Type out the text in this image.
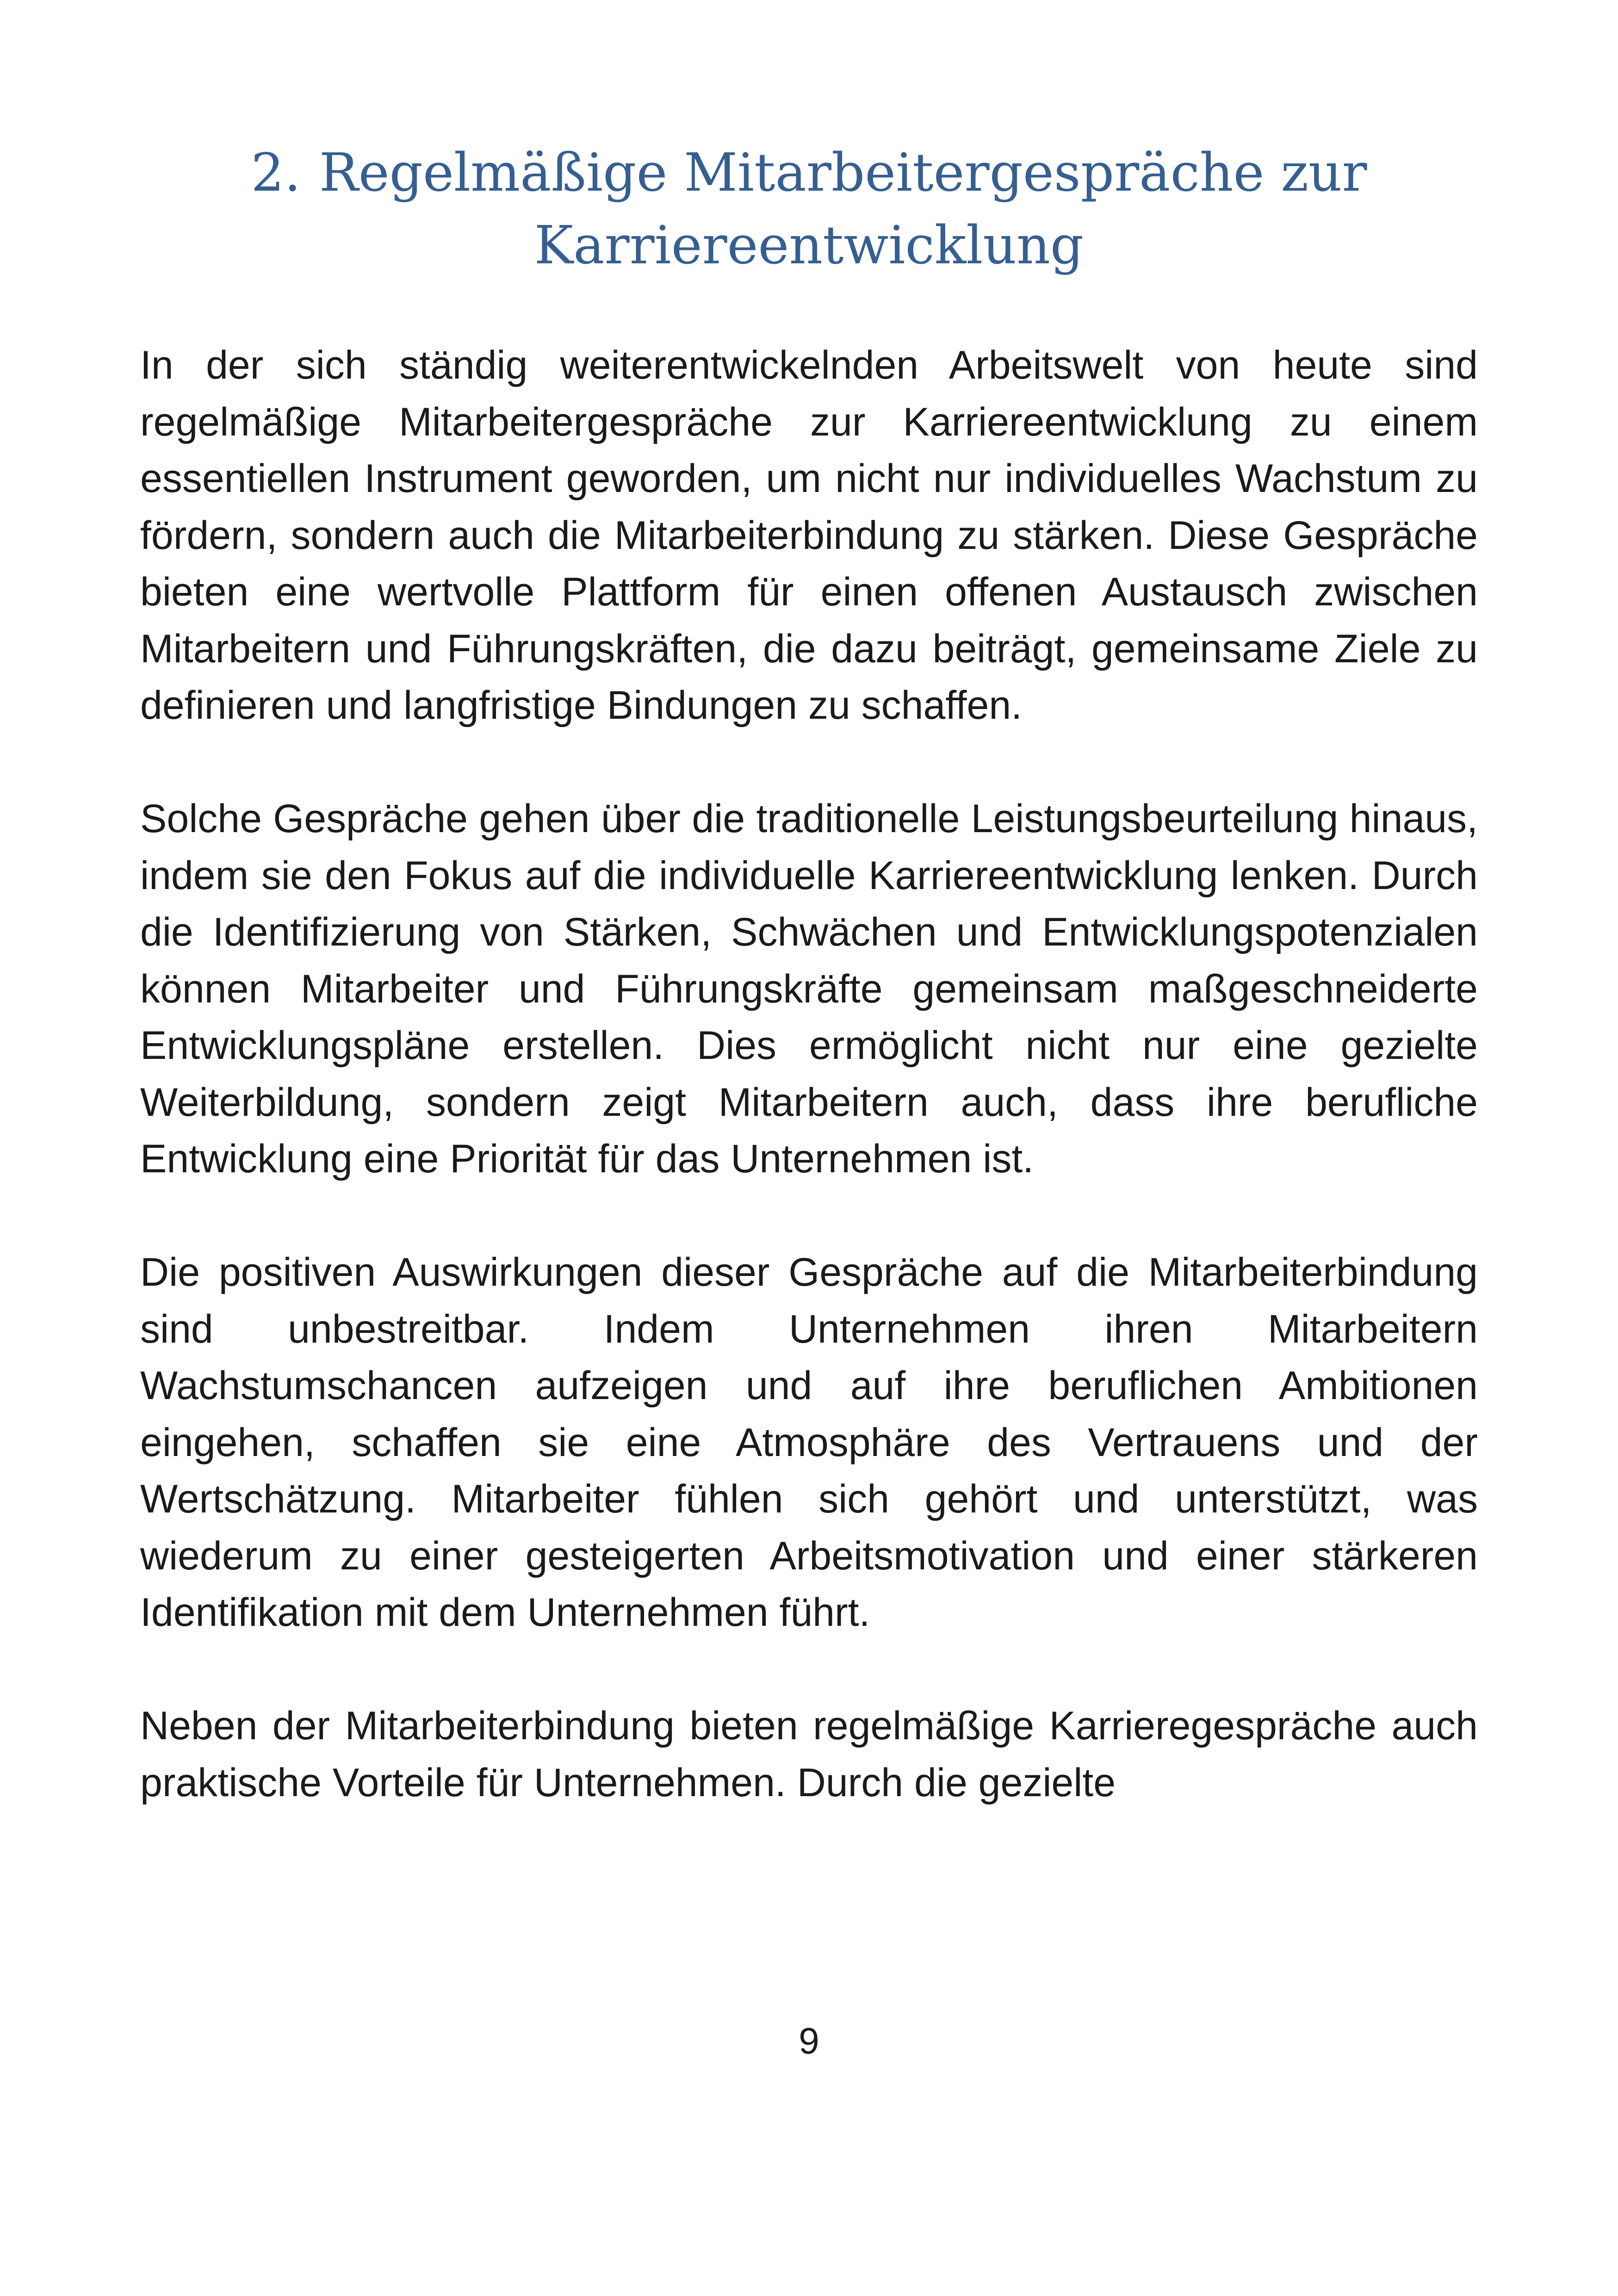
2. Regelmäßige Mitarbeitergespräche zur Karriereentwicklung

In der sich ständig weiterentwickelnden Arbeitswelt von heute sind regelmäßige Mitarbeitergespräche zur Karriereentwicklung zu einem essentiellen Instrument geworden, um nicht nur individuelles Wachstum zu fördern, sondern auch die Mitarbeiterbindung zu stärken. Diese Gespräche bieten eine wertvolle Plattform für einen offenen Austausch zwischen Mitarbeitern und Führungskräften, die dazu beiträgt, gemeinsame Ziele zu definieren und langfristige Bindungen zu schaffen.

Solche Gespräche gehen über die traditionelle Leistungsbeurteilung hinaus, indem sie den Fokus auf die individuelle Karriereentwicklung lenken. Durch die Identifizierung von Stärken, Schwächen und Entwicklungspotenzialen können Mitarbeiter und Führungskräfte gemeinsam maßgeschneiderte Entwicklungspläne erstellen. Dies ermöglicht nicht nur eine gezielte Weiterbildung, sondern zeigt Mitarbeitern auch, dass ihre berufliche Entwicklung eine Priorität für das Unternehmen ist.

Die positiven Auswirkungen dieser Gespräche auf die Mitarbeiterbindung sind unbestreitbar. Indem Unternehmen ihren Mitarbeitern Wachstumschancen aufzeigen und auf ihre beruflichen Ambitionen eingehen, schaffen sie eine Atmosphäre des Vertrauens und der Wertschätzung. Mitarbeiter fühlen sich gehört und unterstützt, was wiederum zu einer gesteigerten Arbeitsmotivation und einer stärkeren Identifikation mit dem Unternehmen führt.

Neben der Mitarbeiterbindung bieten regelmäßige Karrieregespräche auch praktische Vorteile für Unternehmen. Durch die gezielte

9
